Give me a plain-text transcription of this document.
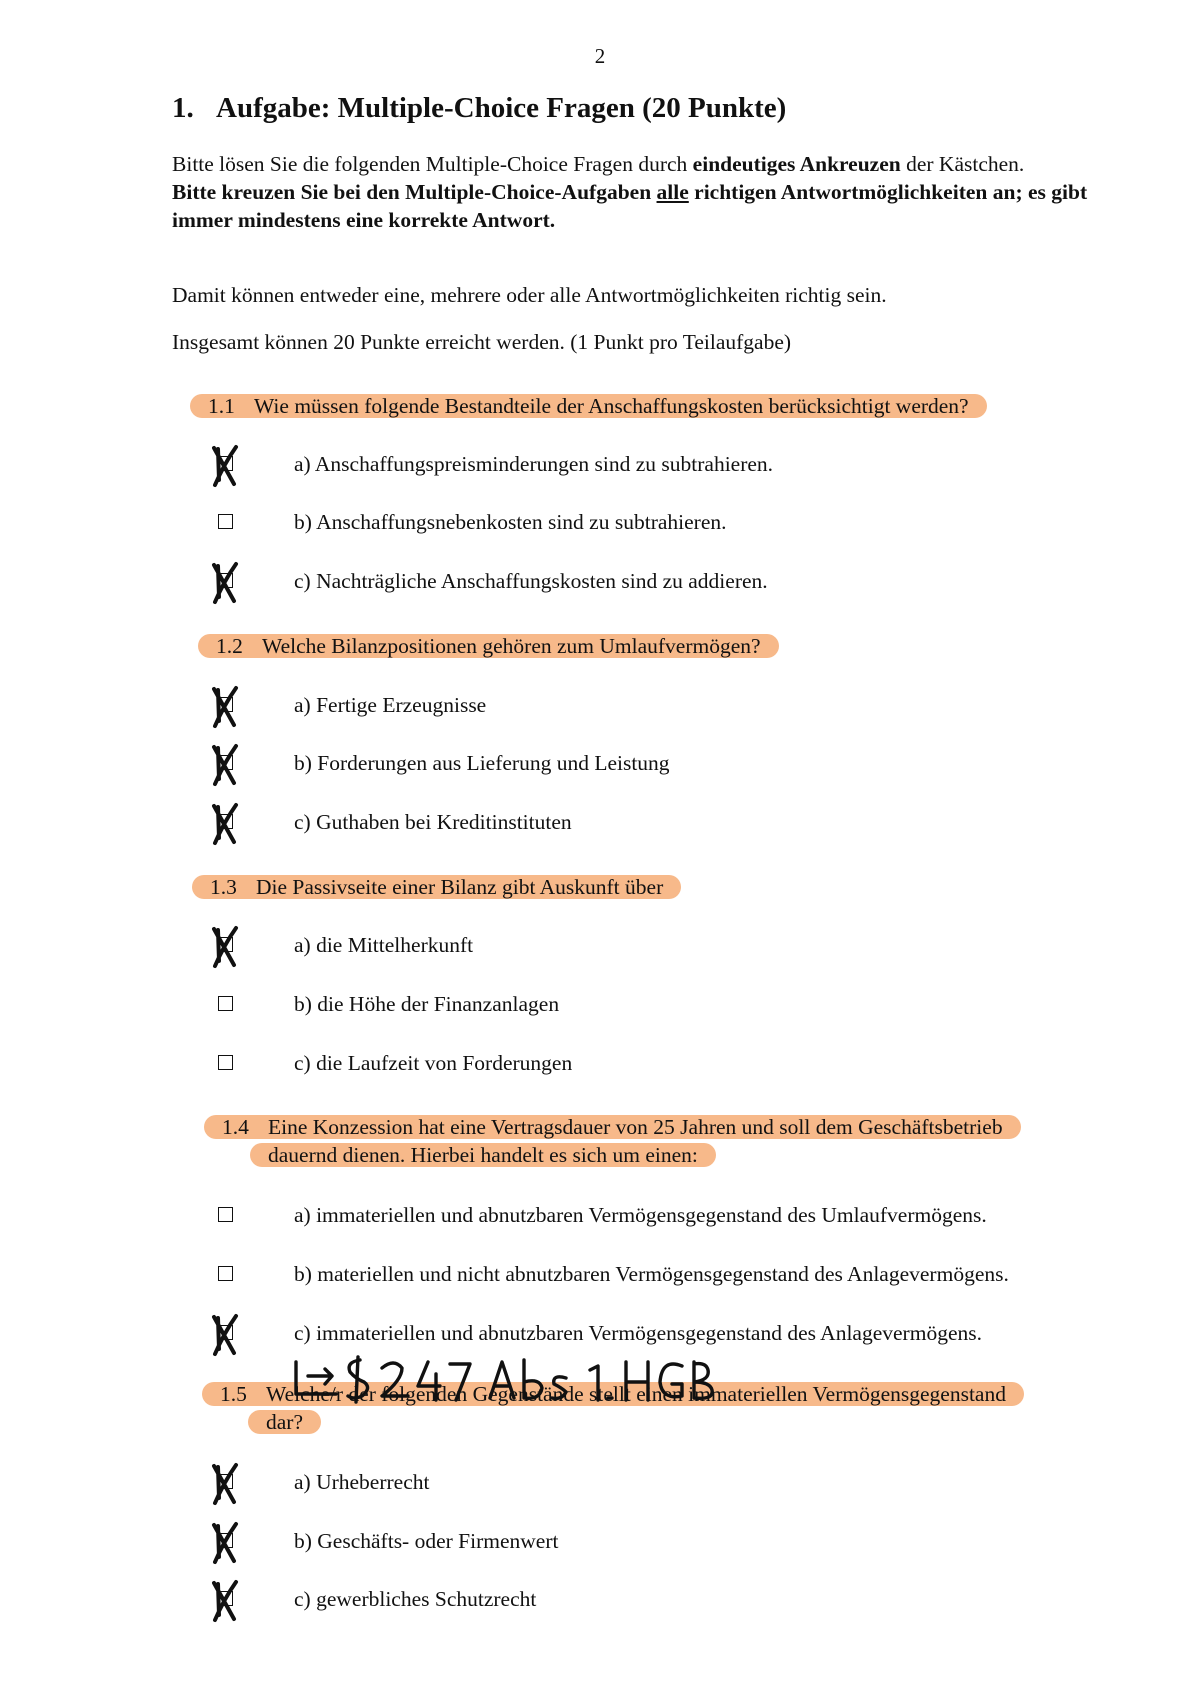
2
1. Aufgabe: Multiple-Choice Fragen (20 Punkte)
Bitte lösen Sie die folgenden Multiple-Choice Fragen durch eindeutiges Ankreuzen der Kästchen.
Bitte kreuzen Sie bei den Multiple-Choice-Aufgaben alle richtigen Antwortmöglichkeiten an; es gibt immer mindestens eine korrekte Antwort.
Damit können entweder eine, mehrere oder alle Antwortmöglichkeiten richtig sein.
Insgesamt können 20 Punkte erreicht werden. (1 Punkt pro Teilaufgabe)
1.1 Wie müssen folgende Bestandteile der Anschaffungskosten berücksichtigt werden?
a) Anschaffungspreisminderungen sind zu subtrahieren.
b) Anschaffungsnebenkosten sind zu subtrahieren.
c) Nachträgliche Anschaffungskosten sind zu addieren.
1.2 Welche Bilanzpositionen gehören zum Umlaufvermögen?
a) Fertige Erzeugnisse
b) Forderungen aus Lieferung und Leistung
c) Guthaben bei Kreditinstituten
1.3 Die Passivseite einer Bilanz gibt Auskunft über
a) die Mittelherkunft
b) die Höhe der Finanzanlagen
c) die Laufzeit von Forderungen
1.4 Eine Konzession hat eine Vertragsdauer von 25 Jahren und soll dem Geschäftsbetrieb
dauernd dienen. Hierbei handelt es sich um einen:
a) immateriellen und abnutzbaren Vermögensgegenstand des Umlaufvermögens.
b) materiellen und nicht abnutzbaren Vermögensgegenstand des Anlagevermögens.
c) immateriellen und abnutzbaren Vermögensgegenstand des Anlagevermögens.
1.5 Welche/r der folgenden Gegenstände stellt einen immateriellen Vermögensgegenstand
dar?
a) Urheberrecht
b) Geschäfts- oder Firmenwert
c) gewerbliches Schutzrecht
